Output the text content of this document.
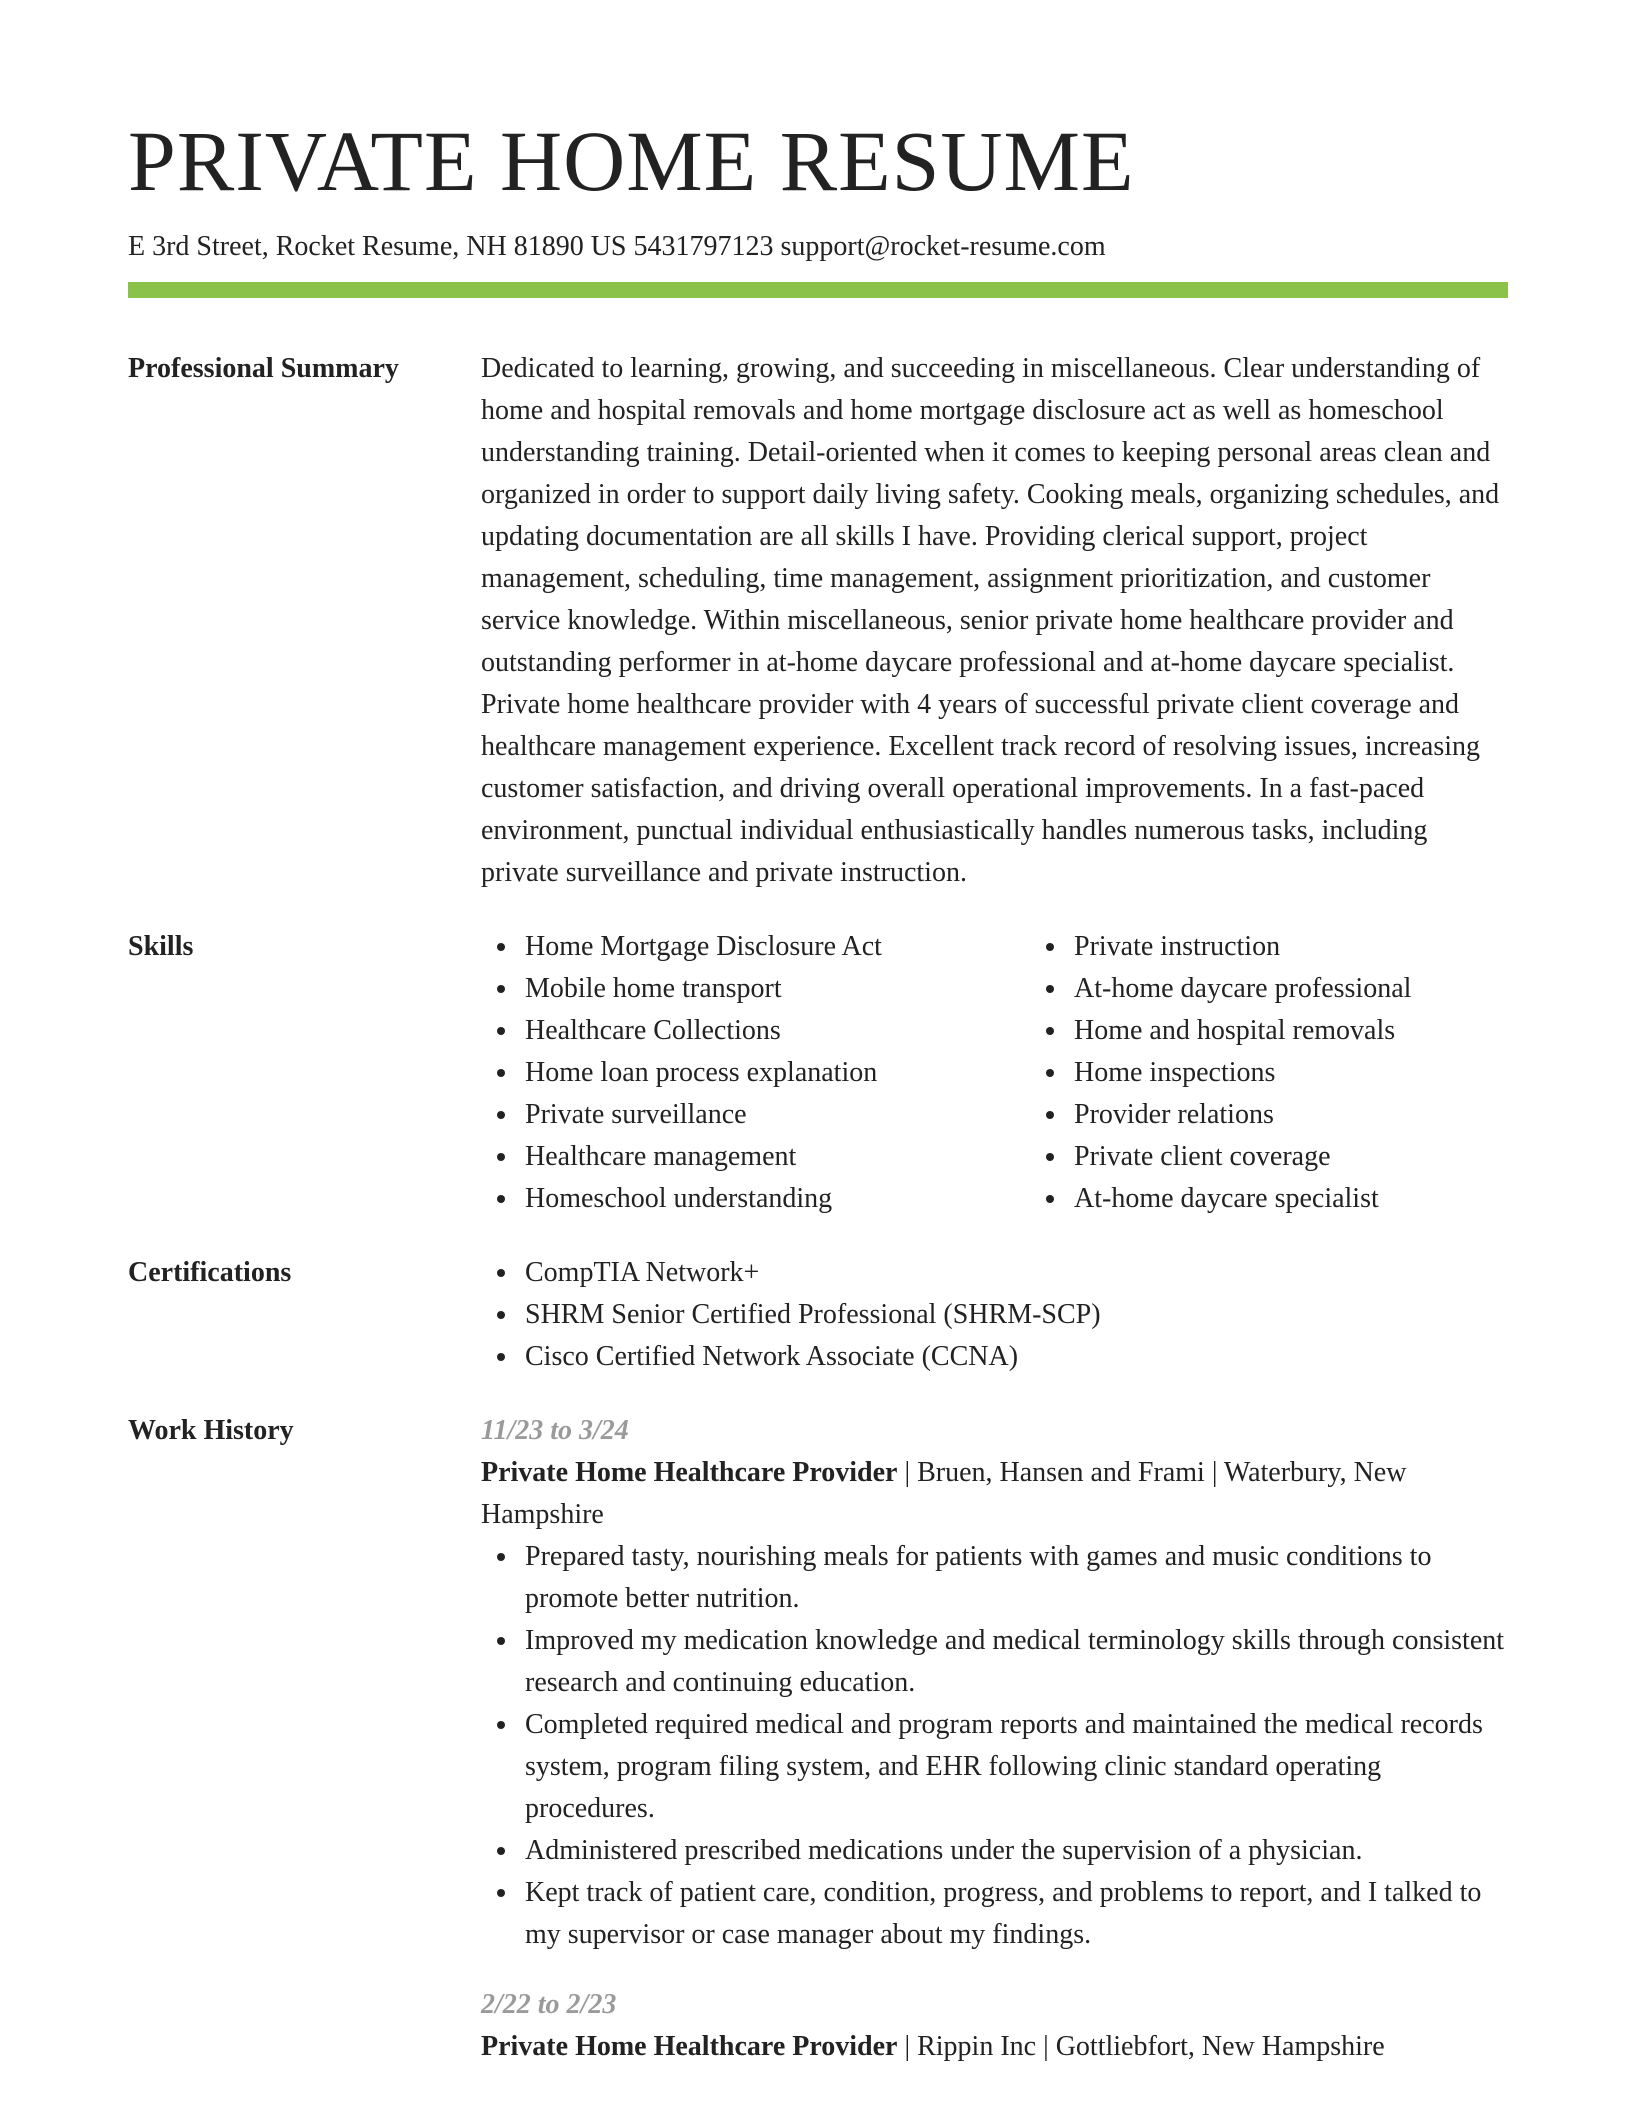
PRIVATE HOME RESUME
E 3rd Street, Rocket Resume, NH 81890 US 5431797123 support@rocket-resume.com
Professional Summary	Dedicated to learning, growing, and succeeding in miscellaneous. Clear understanding of home and hospital removals and home mortgage disclosure act as well as homeschool understanding training. Detail-oriented when it comes to keeping personal areas clean and organized in order to support daily living safety. Cooking meals, organizing schedules, and updating documentation are all skills I have. Providing clerical support, project management, scheduling, time management, assignment prioritization, and customer service knowledge. Within miscellaneous, senior private home healthcare provider and outstanding performer in at-home daycare professional and at-home daycare specialist. Private home healthcare provider with 4 years of successful private client coverage and healthcare management experience. Excellent track record of resolving issues, increasing customer satisfaction, and driving overall operational improvements. In a fast-paced environment, punctual individual enthusiastically handles numerous tasks, including private surveillance and private instruction.
Skills	Home Mortgage Disclosure Act
Mobile home transport
Healthcare Collections
Home loan process explanation
Private surveillance
Healthcare management
Homeschool understanding
Private instruction
At-home daycare professional
Home and hospital removals
Home inspections
Provider relations
Private client coverage
At-home daycare specialist
Certifications	CompTIA Network+
SHRM Senior Certified Professional (SHRM-SCP)
Cisco Certified Network Associate (CCNA)
Work History	11/23 to 3/24
Private Home Healthcare Provider | Bruen, Hansen and Frami | Waterbury, New Hampshire
Prepared tasty, nourishing meals for patients with games and music conditions to promote better nutrition.
Improved my medication knowledge and medical terminology skills through consistent research and continuing education.
Completed required medical and program reports and maintained the medical records system, program filing system, and EHR following clinic standard operating procedures.
Administered prescribed medications under the supervision of a physician.
Kept track of patient care, condition, progress, and problems to report, and I talked to my supervisor or case manager about my findings.
2/22 to 2/23
Private Home Healthcare Provider | Rippin Inc | Gottliebfort, New Hampshire
